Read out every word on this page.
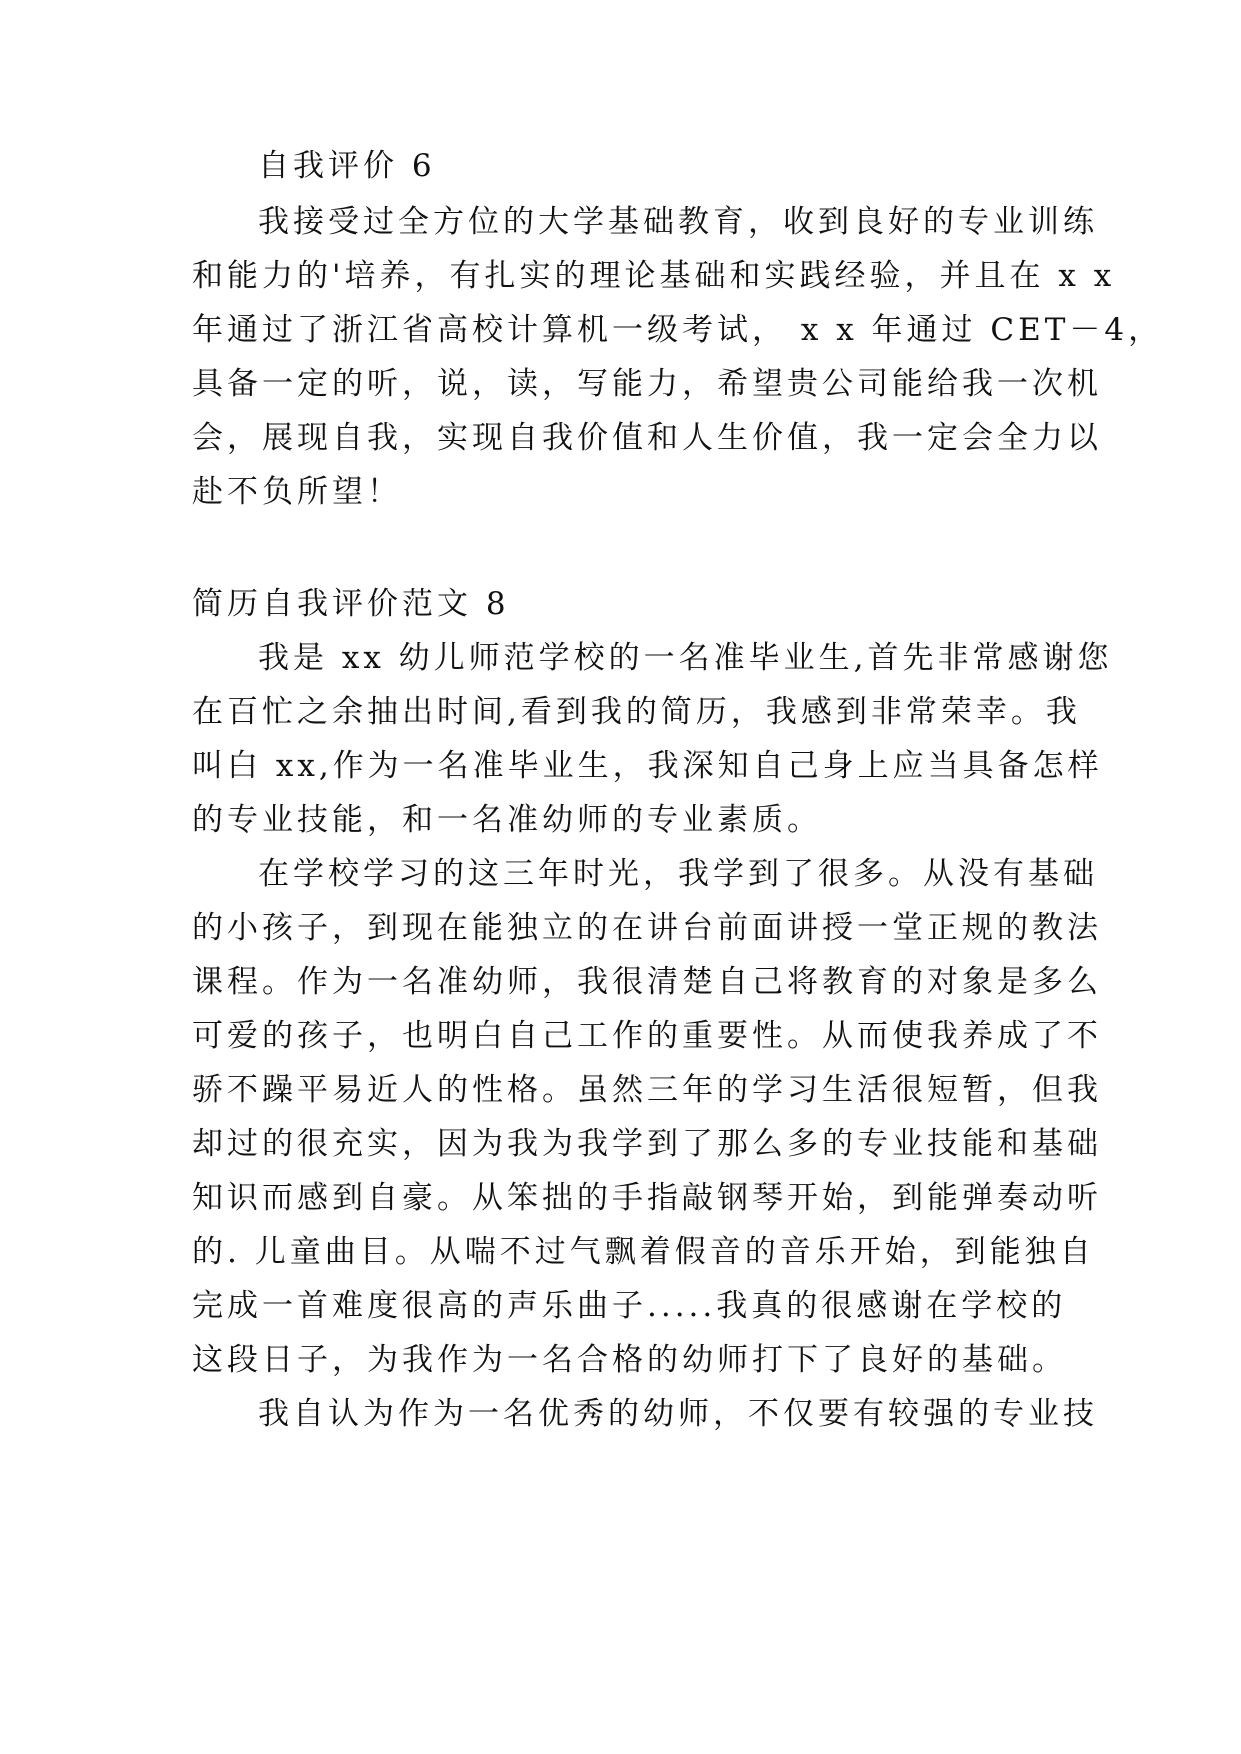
自我评价 6

我接受过全方位的大学基础教育，收到良好的专业训练

和能力的'培养，有扎实的理论基础和实践经验，并且在 x x

年通过了浙江省高校计算机一级考试， x x 年通过 CET－4，

具备一定的听，说，读，写能力，希望贵公司能给我一次机

会，展现自我，实现自我价值和人生价值，我一定会全力以

赴不负所望！

简历自我评价范文 8

我是 xx 幼儿师范学校的一名准毕业生,首先非常感谢您

在百忙之余抽出时间,看到我的简历，我感到非常荣幸。我

叫白 xx,作为一名准毕业生，我深知自己身上应当具备怎样

的专业技能，和一名准幼师的专业素质。

在学校学习的这三年时光，我学到了很多。从没有基础

的小孩子，到现在能独立的在讲台前面讲授一堂正规的教法

课程。作为一名准幼师，我很清楚自己将教育的对象是多么

可爱的孩子，也明白自己工作的重要性。从而使我养成了不

骄不躁平易近人的性格。虽然三年的学习生活很短暂，但我

却过的很充实，因为我为我学到了那么多的专业技能和基础

知识而感到自豪。从笨拙的手指敲钢琴开始，到能弹奏动听

的. 儿童曲目。从喘不过气飘着假音的音乐开始，到能独自

完成一首难度很高的声乐曲子.....我真的很感谢在学校的

这段日子，为我作为一名合格的幼师打下了良好的基础。

我自认为作为一名优秀的幼师，不仅要有较强的专业技
